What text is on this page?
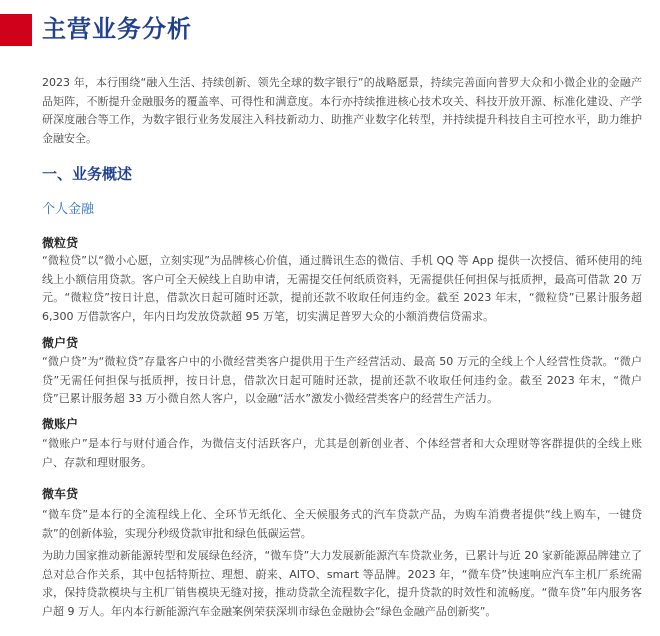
主营业务分析

2023 年，本行围绕“融入生活、持续创新、领先全球的数字银行”的战略愿景，持续完善面向普罗大众和小微企业的金融产品矩阵，不断提升金融服务的覆盖率、可得性和满意度。本行亦持续推进核心技术攻关、科技开放开源、标准化建设、产学研深度融合等工作，为数字银行业务发展注入科技新动力、助推产业数字化转型，并持续提升科技自主可控水平，助力维护金融安全。

一、业务概述
个人金融
微粒贷

“微粒贷”以“微小心愿，立刻实现”为品牌核心价值，通过腾讯生态的微信、手机 QQ 等 App 提供一次授信、循环使用的纯线上小额信用贷款。客户可全天候线上自助申请，无需提交任何纸质资料，无需提供任何担保与抵质押，最高可借款 20 万元。“微粒贷”按日计息，借款次日起可随时还款，提前还款不收取任何违约金。截至 2023 年末，“微粒贷”已累计服务超 6,300 万借款客户，年内日均发放贷款超 95 万笔，切实满足普罗大众的小额消费信贷需求。

微户贷

“微户贷”为“微粒贷”存量客户中的小微经营类客户提供用于生产经营活动、最高 50 万元的全线上个人经营性贷款。“微户贷”无需任何担保与抵质押，按日计息，借款次日起可随时还款，提前还款不收取任何违约金。截至 2023 年末，“微户贷”已累计服务超 33 万小微自然人客户，以金融“活水”激发小微经营类客户的经营生产活力。

微账户

“微账户”是本行与财付通合作，为微信支付活跃客户，尤其是创新创业者、个体经营者和大众理财等客群提供的全线上账户、存款和理财服务。

微车贷

“微车贷”是本行的全流程线上化、全环节无纸化、全天候服务式的汽车贷款产品，为购车消费者提供“线上购车，一键贷款”的创新体验，实现分秒级贷款审批和绿色低碳运营。

为助力国家推动新能源转型和发展绿色经济，“微车贷”大力发展新能源汽车贷款业务，已累计与近 20 家新能源品牌建立了总对总合作关系，其中包括特斯拉、理想、蔚来、AITO、smart 等品牌。2023 年，“微车贷”快速响应汽车主机厂系统需求，保持贷款模块与主机厂销售模块无缝对接，推动贷款全流程数字化，提升贷款的时效性和流畅度。“微车贷”年内服务客户超 9 万人。年内本行新能源汽车金融案例荣获深圳市绿色金融协会“绿色金融产品创新奖”。
